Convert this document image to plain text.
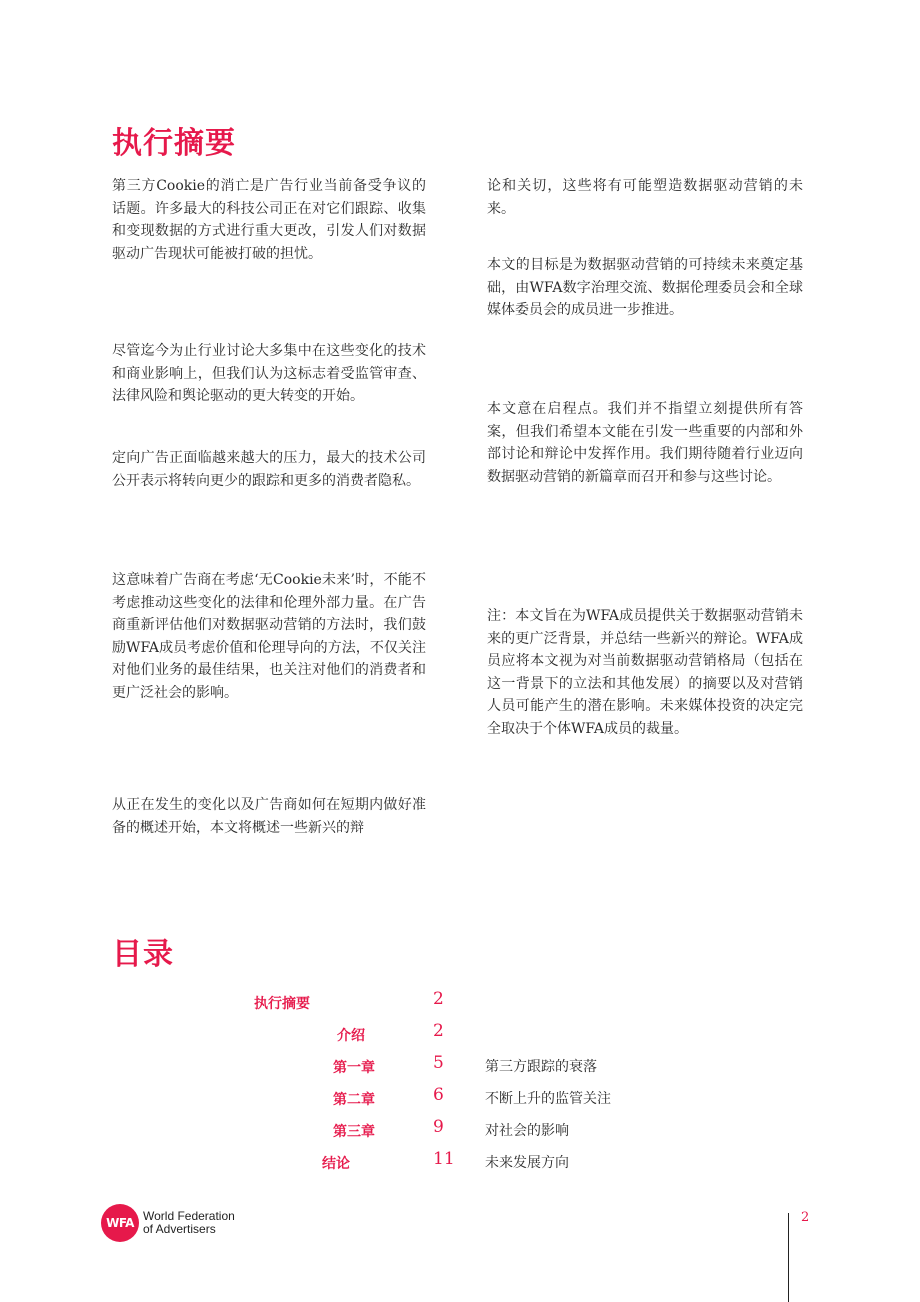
执行摘要

第三方Cookie的消亡是广告行业当前备受争议的话题。许多最大的科技公司正在对它们跟踪、收集和变现数据的方式进行重大更改，引发人们对数据驱动广告现状可能被打破的担忧。

尽管迄今为止行业讨论大多集中在这些变化的技术和商业影响上，但我们认为这标志着受监管审查、法律风险和舆论驱动的更大转变的开始。

定向广告正面临越来越大的压力，最大的技术公司公开表示将转向更少的跟踪和更多的消费者隐私。

这意味着广告商在考虑‘无Cookie未来’时，不能不考虑推动这些变化的法律和伦理外部力量。在广告商重新评估他们对数据驱动营销的方法时，我们鼓励WFA成员考虑价值和伦理导向的方法，不仅关注对他们业务的最佳结果，也关注对他们的消费者和更广泛社会的影响。

从正在发生的变化以及广告商如何在短期内做好准备的概述开始，本文将概述一些新兴的辩

论和关切，这些将有可能塑造数据驱动营销的未来。

本文的目标是为数据驱动营销的可持续未来奠定基础，由WFA数字治理交流、数据伦理委员会和全球媒体委员会的成员进一步推进。

本文意在启程点。我们并不指望立刻提供所有答案，但我们希望本文能在引发一些重要的内部和外部讨论和辩论中发挥作用。我们期待随着行业迈向数据驱动营销的新篇章而召开和参与这些讨论。

注：本文旨在为WFA成员提供关于数据驱动营销未来的更广泛背景，并总结一些新兴的辩论。WFA成员应将本文视为对当前数据驱动营销格局（包括在这一背景下的立法和其他发展）的摘要以及对营销人员可能产生的潜在影响。未来媒体投资的决定完全取决于个体WFA成员的裁量。

目录
执行摘要	2
介绍	2
第一章	5	第三方跟踪的衰落
第二章	6	不断上升的监管关注
第三章	9	对社会的影响
结论	11 未来发展方向
WFA World Federation
of Advertisers
2
